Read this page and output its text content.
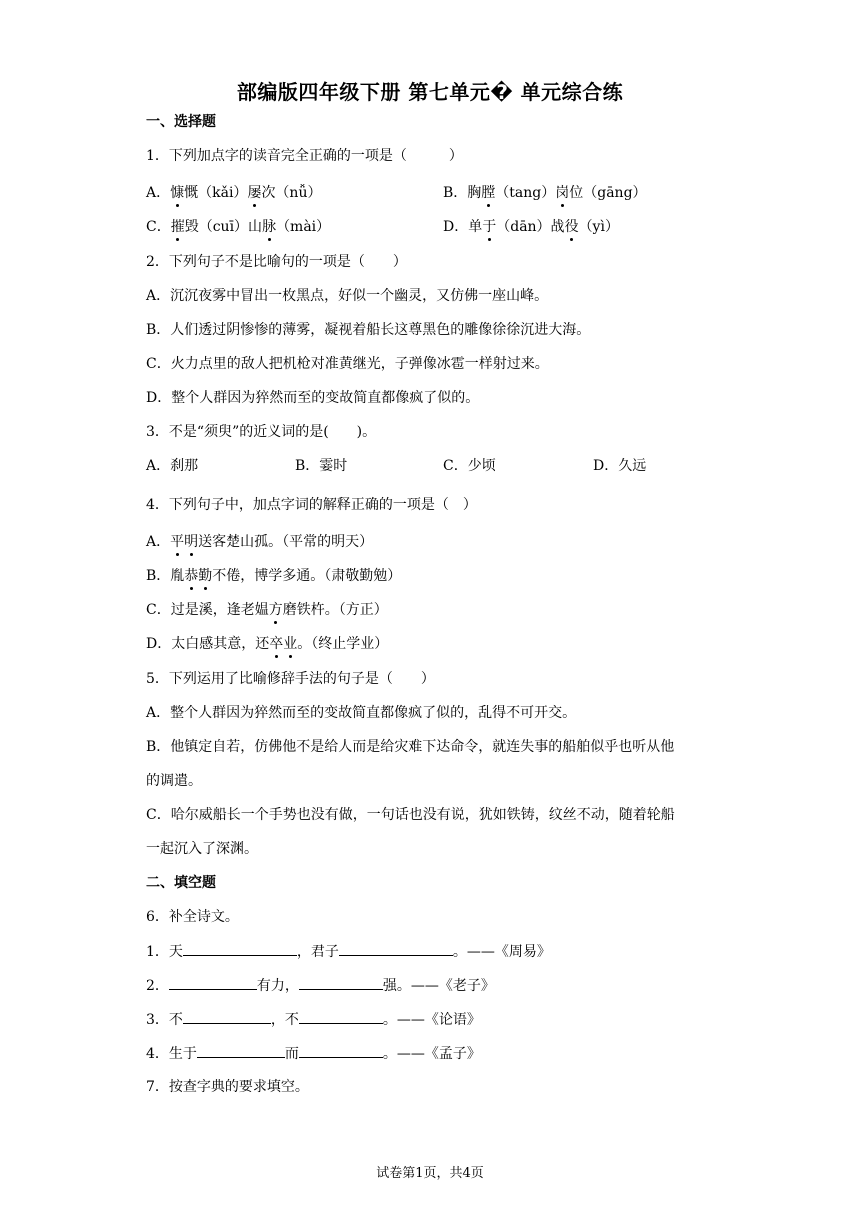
部编版四年级下册 第七单元� 单元综合练
一、选择题
1．下列加点字的读音完全正确的一项是（　　　）
A．慷慨（kǎi）屡次（nǚ）	B．胸膛（tang）岗位（gāng）
C．摧毁（cuī）山脉（mài）	D．单于（dān）战役（yì）
2．下列句子不是比喻句的一项是（　　）
A．沉沉夜雾中冒出一枚黑点，好似一个幽灵，又仿佛一座山峰。
B．人们透过阴惨惨的薄雾，凝视着船长这尊黑色的雕像徐徐沉进大海。
C．火力点里的敌人把机枪对准黄继光，子弹像冰雹一样射过来。
D．整个人群因为猝然而至的变故简直都像疯了似的。
3．不是“须臾”的近义词的是(　　)。
A．刹那	B．霎时	C．少顷	D．久远
4．下列句子中，加点字词的解释正确的一项是（　）
A．平明送客楚山孤。（平常的明天）
B．胤恭勤不倦，博学多通。（肃敬勤勉）
C．过是溪，逢老媪方磨铁杵。（方正）
D．太白感其意，还卒业。（终止学业）
5．下列运用了比喻修辞手法的句子是（　　）
A．整个人群因为猝然而至的变故简直都像疯了似的，乱得不可开交。
B．他镇定自若，仿佛他不是给人而是给灾难下达命令，就连失事的船舶似乎也听从他
的调遣。
C．哈尔威船长一个手势也没有做，一句话也没有说，犹如铁铸，纹丝不动，随着轮船
一起沉入了深渊。
二、填空题
6．补全诗文。
1．天	，君子	。——《周易》
2．	有力，	强。——《老子》
3．不	，不	。——《论语》
4．生于	而	。——《孟子》
7．按查字典的要求填空。
试卷第1页，共4页
